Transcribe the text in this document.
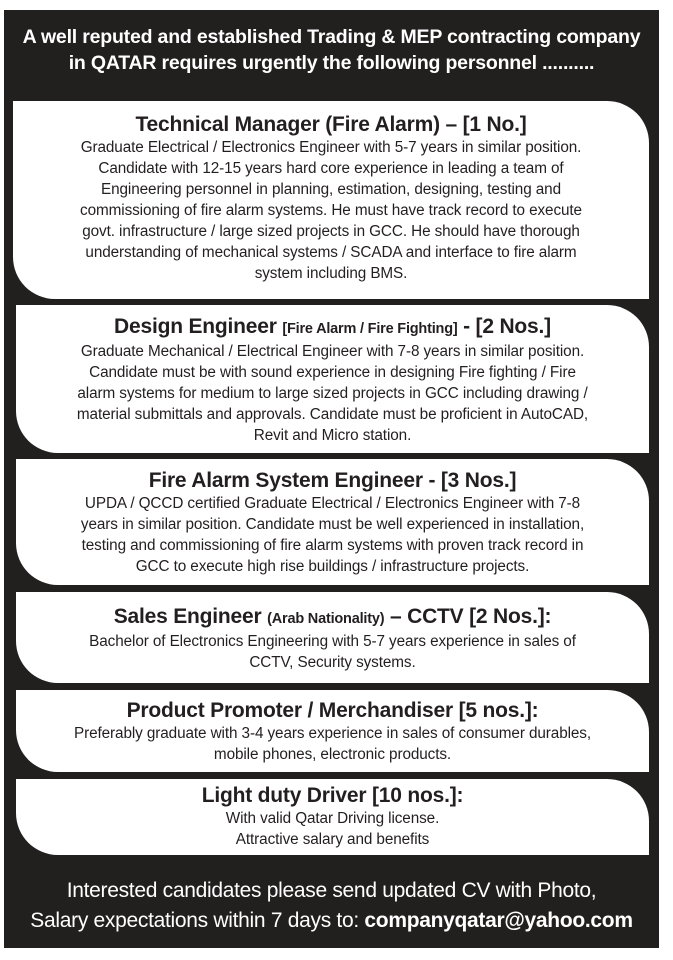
A well reputed and established Trading & MEP contracting company
in QATAR requires urgently the following personnel ..........
Technical Manager (Fire Alarm) – [1 No.]

Graduate Electrical / Electronics Engineer with 5-7 years in similar position.

Candidate with 12-15 years hard core experience in leading a team of

Engineering personnel in planning, estimation, designing, testing and

commissioning of fire alarm systems. He must have track record to execute

govt. infrastructure / large sized projects in GCC. He should have thorough

understanding of mechanical systems / SCADA and interface to fire alarm

system including BMS.

Design Engineer [Fire Alarm / Fire Fighting] - [2 Nos.]

Graduate Mechanical / Electrical Engineer with 7-8 years in similar position.

Candidate must be with sound experience in designing Fire fighting / Fire

alarm systems for medium to large sized projects in GCC including drawing /

material submittals and approvals. Candidate must be proficient in AutoCAD,

Revit and Micro station.

Fire Alarm System Engineer - [3 Nos.]

UPDA / QCCD certified Graduate Electrical / Electronics Engineer with 7-8

years in similar position. Candidate must be well experienced in installation,

testing and commissioning of fire alarm systems with proven track record in

GCC to execute high rise buildings / infrastructure projects.

Sales Engineer (Arab Nationality) – CCTV [2 Nos.]:

Bachelor of Electronics Engineering with 5-7 years experience in sales of

CCTV, Security systems.

Product Promoter / Merchandiser [5 nos.]:

Preferably graduate with 3-4 years experience in sales of consumer durables,

mobile phones, electronic products.

Light duty Driver [10 nos.]:

With valid Qatar Driving license.

Attractive salary and benefits

Interested candidates please send updated CV with Photo,
Salary expectations within 7 days to: companyqatar@yahoo.com
